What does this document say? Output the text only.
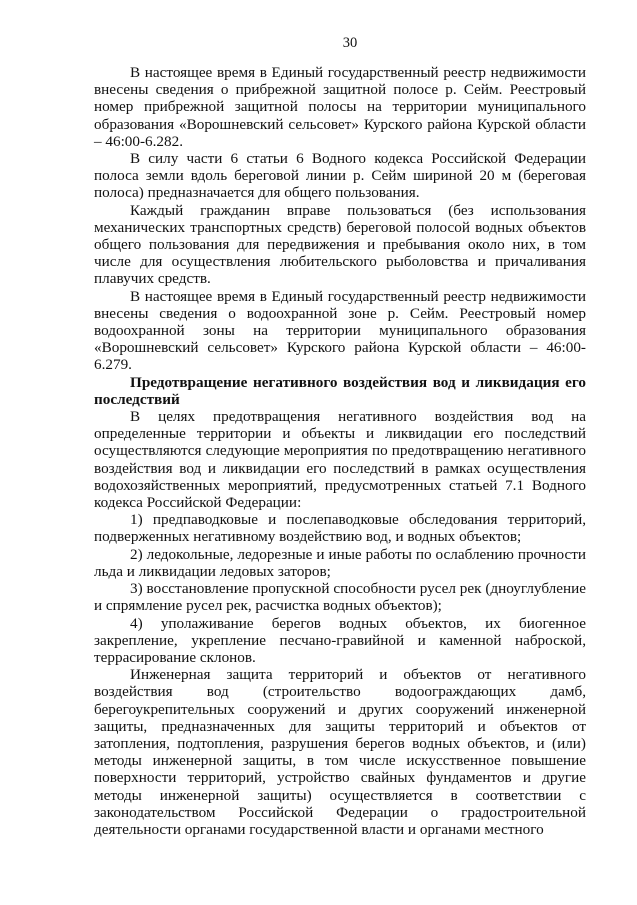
30

В настоящее время в Единый государственный реестр недвижимости внесены сведения о прибрежной защитной полосе р. Сейм. Реестровый номер прибрежной защитной полосы на территории муниципального образования «Ворошневский сельсовет» Курского района Курской области – 46:00-6.282.

В силу части 6 статьи 6 Водного кодекса Российской Федерации полоса земли вдоль береговой линии р. Сейм шириной 20 м (береговая полоса) предназначается для общего пользования.

Каждый гражданин вправе пользоваться (без использования механических транспортных средств) береговой полосой водных объектов общего пользования для передвижения и пребывания около них, в том числе для осуществления любительского рыболовства и причаливания плавучих средств.

В настоящее время в Единый государственный реестр недвижимости внесены сведения о водоохранной зоне р. Сейм. Реестровый номер водоохранной зоны на территории муниципального образования «Ворошневский сельсовет» Курского района Курской области – 46:00-6.279.

Предотвращение негативного воздействия вод и ликвидация его последствий

В целях предотвращения негативного воздействия вод на определенные территории и объекты и ликвидации его последствий осуществляются следующие мероприятия по предотвращению негативного воздействия вод и ликвидации его последствий в рамках осуществления водохозяйственных мероприятий, предусмотренных статьей 7.1 Водного кодекса Российской Федерации:

1) предпаводковые и послепаводковые обследования территорий, подверженных негативному воздействию вод, и водных объектов;

2) ледокольные, ледорезные и иные работы по ослаблению прочности льда и ликвидации ледовых заторов;

3) восстановление пропускной способности русел рек (дноуглубление и спрямление русел рек, расчистка водных объектов);

4) уполаживание берегов водных объектов, их биогенное закрепление, укрепление песчано-гравийной и каменной наброской, террасирование склонов.

Инженерная защита территорий и объектов от негативного воздействия вод (строительство водоограждающих дамб, берегоукрепительных сооружений и других сооружений инженерной защиты, предназначенных для защиты территорий и объектов от затопления, подтопления, разрушения берегов водных объектов, и (или) методы инженерной защиты, в том числе искусственное повышение поверхности территорий, устройство свайных фундаментов и другие методы инженерной защиты) осуществляется в соответствии с законодательством Российской Федерации о градостроительной деятельности органами государственной власти и органами местного
